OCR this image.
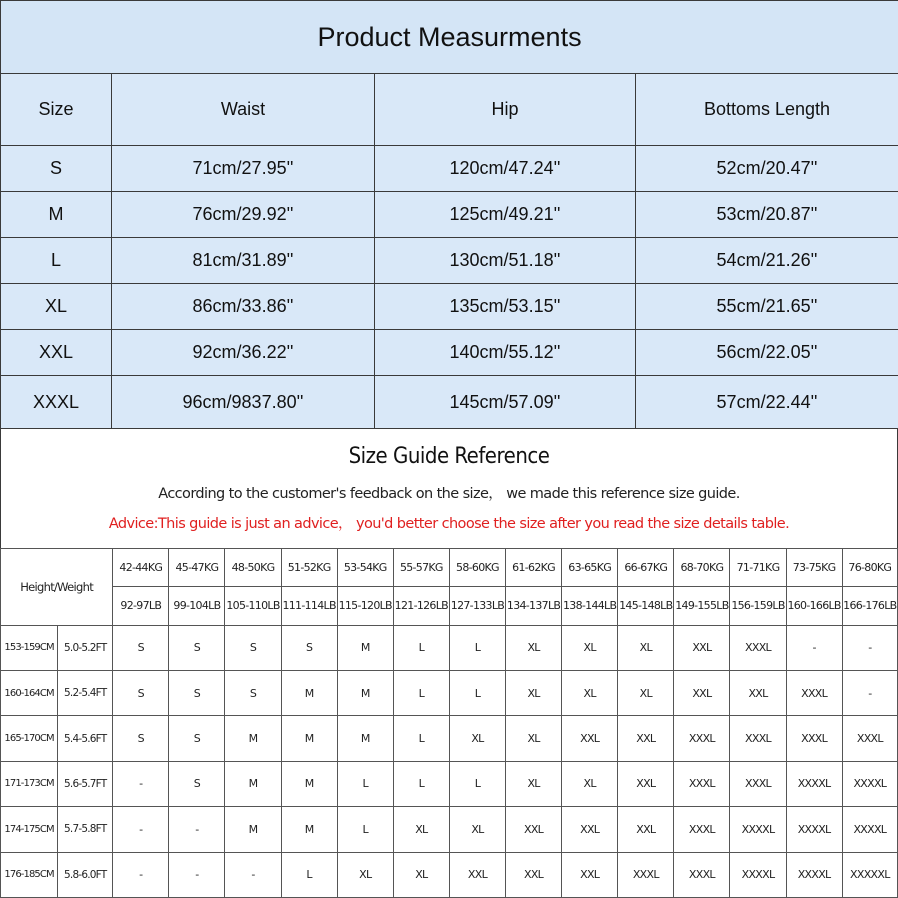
Product Measurments			
Size	Waist	Hip	Bottoms Length
S	71cm/27.95''	120cm/47.24''	52cm/20.47''
M	76cm/29.92''	125cm/49.21''	53cm/20.87''
L	81cm/31.89''	130cm/51.18''	54cm/21.26''
XL	86cm/33.86''	135cm/53.15''	55cm/21.65''
XXL	92cm/36.22''	140cm/55.12''	56cm/22.05''
XXXL	96cm/9837.80''	145cm/57.09''	57cm/22.44''
Size Guide Reference
According to the customer's feedback on the size， we made this reference size guide.
Advice:This guide is just an advice， you'd better choose the size after you read the size details table.
Height/Weight		42-44KG	45-47KG	48-50KG	51-52KG	53-54KG	55-57KG	58-60KG	61-62KG	63-65KG	66-67KG	68-70KG	71-71KG	73-75KG	76-80KG
		92-97LB	99-104LB	105-110LB	111-114LB	115-120LB	121-126LB	127-133LB	134-137LB	138-144LB	145-148LB	149-155LB	156-159LB	160-166LB	166-176LB
153-159CM	5.0-5.2FT	S	S	S	S	M	L	L	XL	XL	XL	XXL	XXXL	-	-
160-164CM	5.2-5.4FT	S	S	S	M	M	L	L	XL	XL	XL	XXL	XXL	XXXL	-
165-170CM	5.4-5.6FT	S	S	M	M	M	L	XL	XL	XXL	XXL	XXXL	XXXL	XXXL	XXXL
171-173CM	5.6-5.7FT	-	S	M	M	L	L	L	XL	XL	XXL	XXXL	XXXL	XXXXL	XXXXL
174-175CM	5.7-5.8FT	-	-	M	M	L	XL	XL	XXL	XXL	XXL	XXXL	XXXXL	XXXXL	XXXXL
176-185CM	5.8-6.0FT	-	-	-	L	XL	XL	XXL	XXL	XXL	XXXL	XXXL	XXXXL	XXXXL	XXXXXL
